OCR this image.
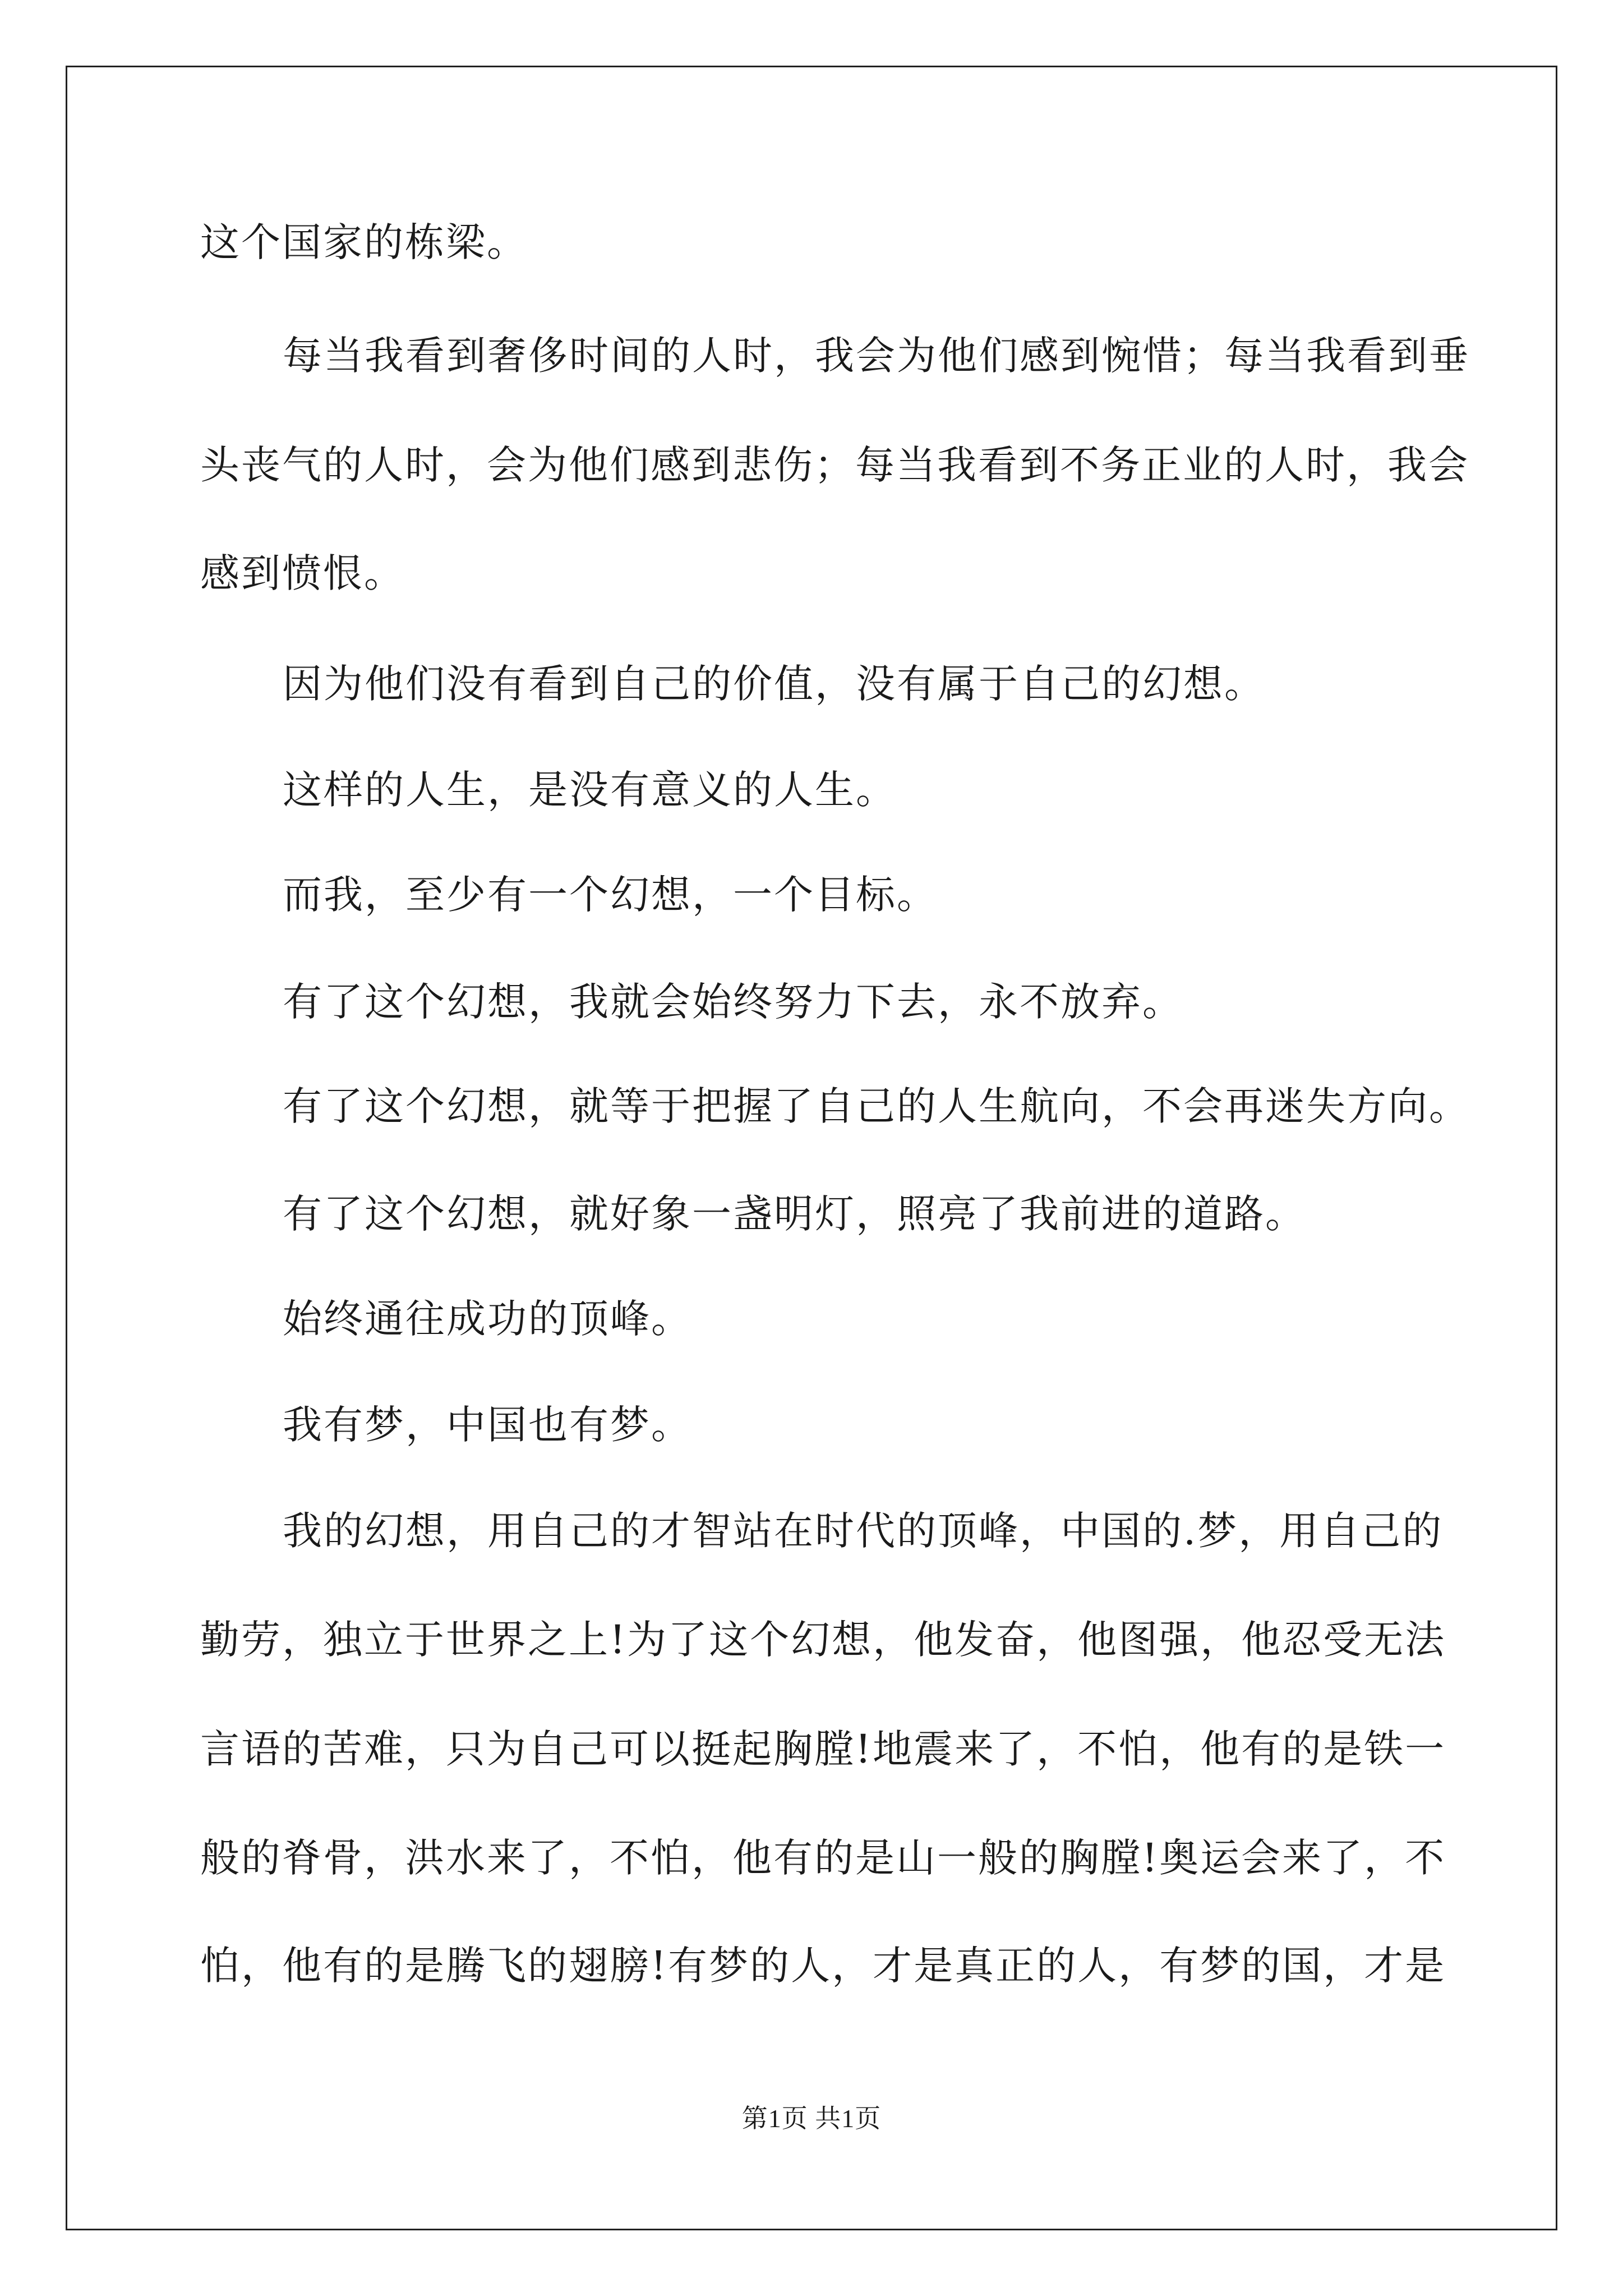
这个国家的栋梁。
每当我看到奢侈时间的人时，我会为他们感到惋惜；每当我看到垂
头丧气的人时，会为他们感到悲伤；每当我看到不务正业的人时，我会
感到愤恨。
因为他们没有看到自己的价值，没有属于自己的幻想。
这样的人生，是没有意义的人生。
而我，至少有一个幻想，一个目标。
有了这个幻想，我就会始终努力下去，永不放弃。
有了这个幻想，就等于把握了自己的人生航向，不会再迷失方向。
有了这个幻想，就好象一盏明灯，照亮了我前进的道路。
始终通往成功的顶峰。
我有梦，中国也有梦。
我的幻想，用自己的才智站在时代的顶峰，中国的.梦，用自己的
勤劳，独立于世界之上!为了这个幻想，他发奋，他图强，他忍受无法
言语的苦难，只为自己可以挺起胸膛!地震来了，不怕，他有的是铁一
般的脊骨，洪水来了，不怕，他有的是山一般的胸膛!奥运会来了，不
怕，他有的是腾飞的翅膀!有梦的人，才是真正的人，有梦的国，才是
第1页 共1页
